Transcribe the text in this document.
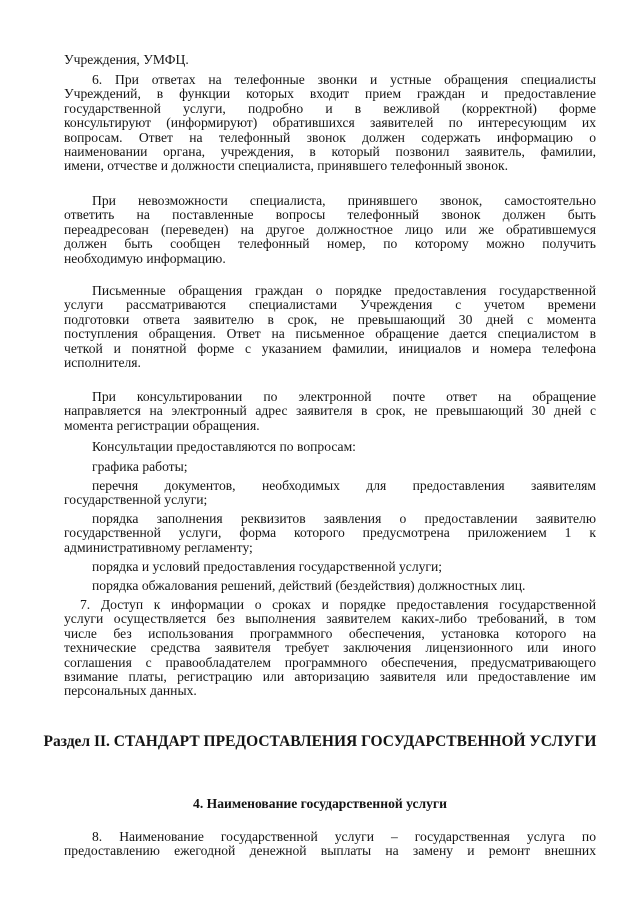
Учреждения, УМФЦ.

6. При ответах на телефонные звонки и устные обращения специалисты

Учреждений, в функции которых входит прием граждан и предоставление

государственной услуги, подробно и в вежливой (корректной) форме

консультируют (информируют) обратившихся заявителей по интересующим их

вопросам. Ответ на телефонный звонок должен содержать информацию о

наименовании органа, учреждения, в который позвонил заявитель, фамилии,

имени, отчестве и должности специалиста, принявшего телефонный звонок.

При невозможности специалиста, принявшего звонок, самостоятельно

ответить на поставленные вопросы телефонный звонок должен быть

переадресован (переведен) на другое должностное лицо или же обратившемуся

должен быть сообщен телефонный номер, по которому можно получить

необходимую информацию.

Письменные обращения граждан о порядке предоставления государственной

услуги рассматриваются специалистами Учреждения с учетом времени

подготовки ответа заявителю в срок, не превышающий 30 дней с момента

поступления обращения. Ответ на письменное обращение дается специалистом в

четкой и понятной форме с указанием фамилии, инициалов и номера телефона

исполнителя.

При консультировании по электронной почте ответ на обращение

направляется на электронный адрес заявителя в срок, не превышающий 30 дней с

момента регистрации обращения.

Консультации предоставляются по вопросам:

графика работы;

перечня документов, необходимых для предоставления заявителям

государственной услуги;

порядка заполнения реквизитов заявления о предоставлении заявителю

государственной услуги, форма которого предусмотрена приложением 1 к

административному регламенту;

порядка и условий предоставления государственной услуги;

порядка обжалования решений, действий (бездействия) должностных лиц.

7. Доступ к информации о сроках и порядке предоставления государственной

услуги осуществляется без выполнения заявителем каких-либо требований, в том

числе без использования программного обеспечения, установка которого на

технические средства заявителя требует заключения лицензионного или иного

соглашения с правообладателем программного обеспечения, предусматривающего

взимание платы, регистрацию или авторизацию заявителя или предоставление им

персональных данных.

Раздел II. СТАНДАРТ ПРЕДОСТАВЛЕНИЯ ГОСУДАРСТВЕННОЙ УСЛУГИ

4. Наименование государственной услуги

8. Наименование государственной услуги – государственная услуга по

предоставлению ежегодной денежной выплаты на замену и ремонт внешних
